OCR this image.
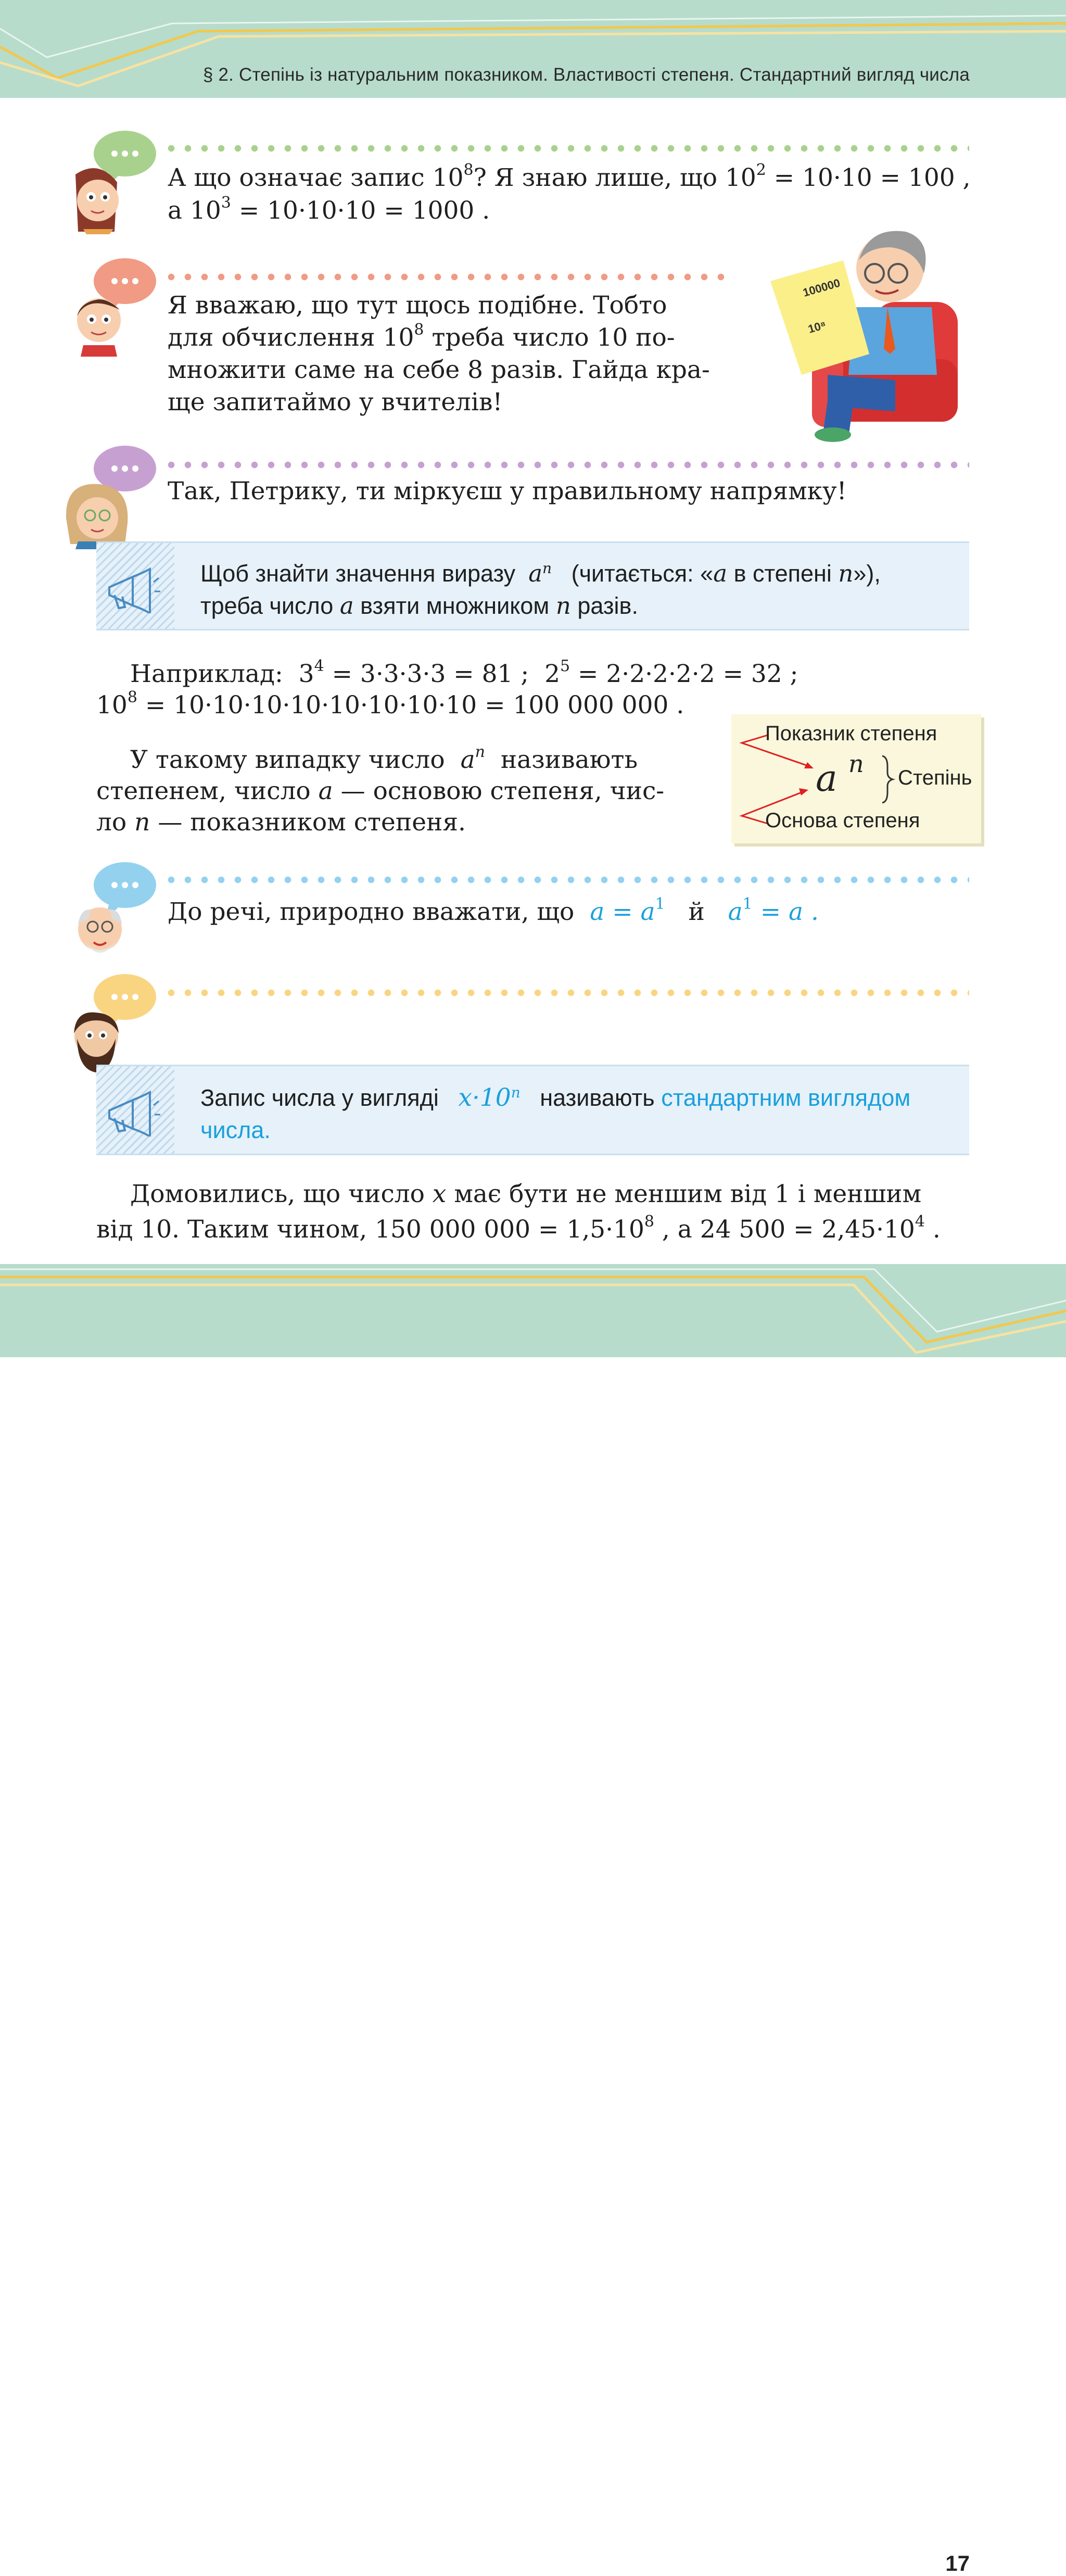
§ 2. Степінь із натуральним показником. Властивості степеня. Стандартний вигляд числа
А що означає запис $10^8$? Я знаю лише, що $10^2 = 10\cdot 10 = 100$ ,
а $10^3 = 10\cdot 10\cdot 10 = 1000$ .
Я вважаю, що тут щось подібне. Тобто
для обчислення $10^8$ треба число 10 по-
множити саме на себе 8 разів. Гайда кра-
ще запитаймо у вчителів!
100000
10⁸
Так, Петрику, ти міркуєш у правильному напрямку!
Щоб знайти значення виразу $a^n$ (читається: «a в степені n»),
треба число a взяти множником n разів.
Наприклад: $3^4 = 3\cdot 3\cdot 3\cdot 3 = 81$ ; $2^5 = 2\cdot 2\cdot 2\cdot 2\cdot 2 = 32$ ;
$10^8 = 10\cdot 10\cdot 10\cdot 10\cdot 10\cdot 10\cdot 10\cdot 10 = 100$ 000 000 .
У такому випадку число $a^n$ називають
степенем, число a — основою степеня, чис-
ло n — показником степеня.
Показник степеня
a n Степінь
Основа степеня
До речі, природно вважати, що $a = a^1$ й $a^1 = a$ .
Запис числа у вигляді $x\cdot 10^n$ називають стандартним виглядом
числа.
Домовились, що число x має бути не меншим від 1 і меншим
від 10. Таким чином, 150 000 $000 = 1,5\cdot 10^8$ , а 24 $500 = 2,45\cdot 10^4$ .
17
